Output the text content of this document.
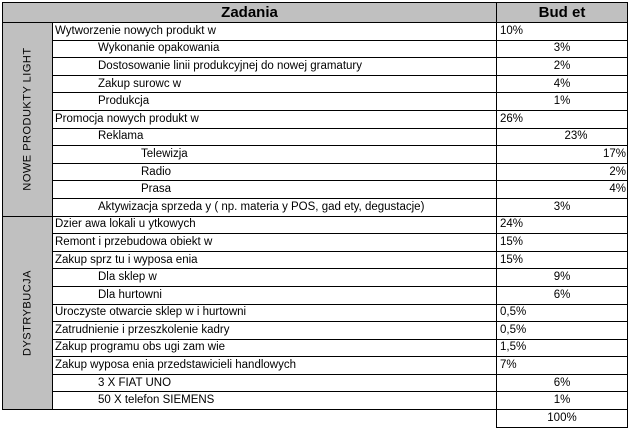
Zadania		Bud et

NOWE PRODUKTY LIGHT	Wytworzenie nowych produkt w	10%
	Wykonanie opakowania	3%
	Dostosowanie linii produkcyjnej do nowej gramatury	2%
	Zakup surowc w	4%
	Produkcja	1%
	Promocja nowych produkt w	26%
	Reklama	23%
	Telewizja	17%
	Radio	2%
	Prasa	4%
	Aktywizacja sprzeda y ( np. materia y POS, gad ety, degustacje)	3%

DYSTRYBUCJA	Dzier awa lokali u ytkowych	24%
	Remont i przebudowa obiekt w	15%
	Zakup sprz tu i wyposa enia	15%
	Dla sklep w	9%
	Dla hurtowni	6%
	Uroczyste otwarcie sklep w i hurtowni	0,5%
	Zatrudnienie i przeszkolenie kadry	0,5%
	Zakup programu obs ugi zam wie	1,5%
	Zakup wyposa enia przedstawicieli handlowych	7%
	3 X FIAT UNO	6%
	50 X telefon SIEMENS	1%
		100%
